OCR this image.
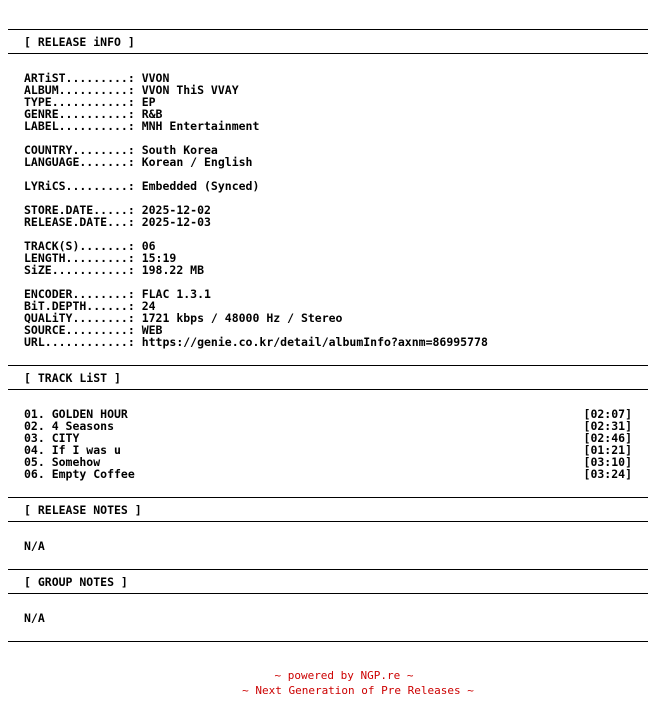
[ RELEASE iNFO ]
ARTiST.........: VVON
ALBUM..........: VVON ThiS VVAY
TYPE...........: EP
GENRE..........: R&B
LABEL..........: MNH Entertainment
COUNTRY........: South Korea
LANGUAGE.......: Korean / English
LYRiCS.........: Embedded (Synced)
STORE.DATE.....: 2025-12-02
RELEASE.DATE...: 2025-12-03
TRACK(S).......: 06
LENGTH.........: 15:19
SiZE...........: 198.22 MB
ENCODER........: FLAC 1.3.1
BiT.DEPTH......: 24
QUALiTY........: 1721 kbps / 48000 Hz / Stereo
SOURCE.........: WEB
URL............: https://genie.co.kr/detail/albumInfo?axnm=86995778
[ TRACK LiST ]
01. GOLDEN HOUR	[02:07]
02. 4 Seasons	[02:31]
03. CITY	[02:46]
04. If I was u	[01:21]
05. Somehow	[03:10]
06. Empty Coffee	[03:24]
[ RELEASE NOTES ]
N/A
[ GROUP NOTES ]
N/A
~ powered by NGP.re ~
~ Next Generation of Pre Releases ~
